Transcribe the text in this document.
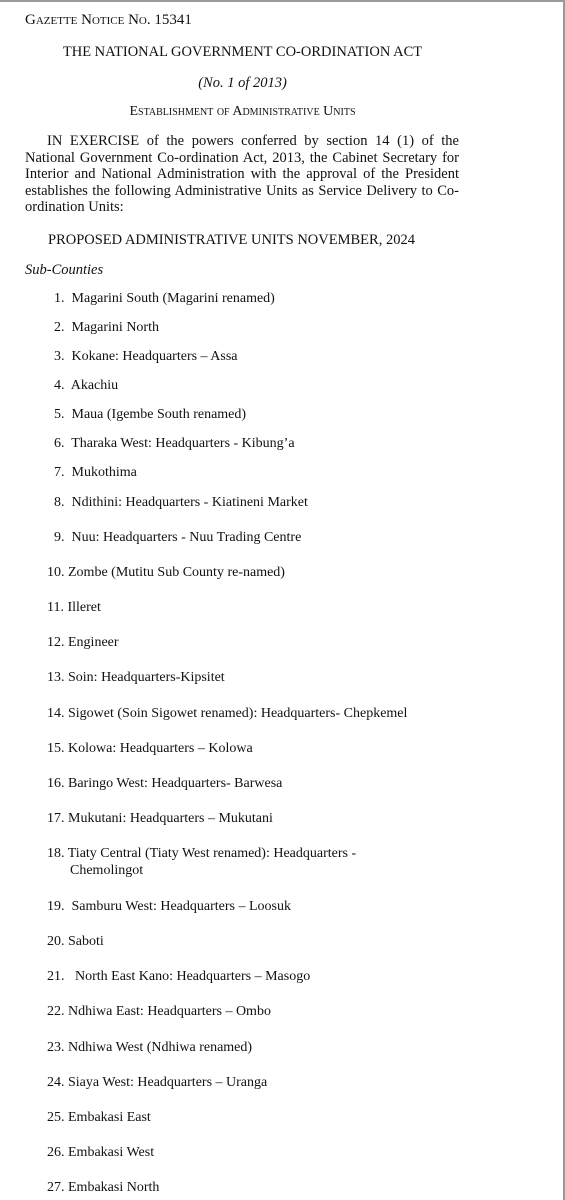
Gazette Notice No. 15341
THE NATIONAL GOVERNMENT CO-ORDINATION ACT
(No. 1 of 2013)
Establishment of Administrative Units
IN EXERCISE of the powers conferred by section 14 (1) of the National Government Co-ordination Act, 2013, the Cabinet Secretary for Interior and National Administration with the approval of the President establishes the following Administrative Units as Service Delivery to Co-ordination Units:
PROPOSED ADMINISTRATIVE UNITS NOVEMBER, 2024
Sub-Counties
1.  Magarini South (Magarini renamed)
2.  Magarini North
3.  Kokane: Headquarters – Assa
4.  Akachiu
5.  Maua (Igembe South renamed)
6.  Tharaka West: Headquarters - Kibung’a
7.  Mukothima
8.  Ndithini: Headquarters - Kiatineni Market
9.  Nuu: Headquarters - Nuu Trading Centre
10. Zombe (Mutitu Sub County re-named)
11. Illeret
12. Engineer
13. Soin: Headquarters-Kipsitet
14. Sigowet (Soin Sigowet renamed): Headquarters- Chepkemel
15. Kolowa: Headquarters – Kolowa
16. Baringo West: Headquarters- Barwesa
17. Mukutani: Headquarters – Mukutani
18. Tiaty Central (Tiaty West renamed): Headquarters -
Chemolingot
19.  Samburu West: Headquarters – Loosuk
20. Saboti
21.   North East Kano: Headquarters – Masogo
22. Ndhiwa East: Headquarters – Ombo
23. Ndhiwa West (Ndhiwa renamed)
24. Siaya West: Headquarters – Uranga
25. Embakasi East
26. Embakasi West
27. Embakasi North
